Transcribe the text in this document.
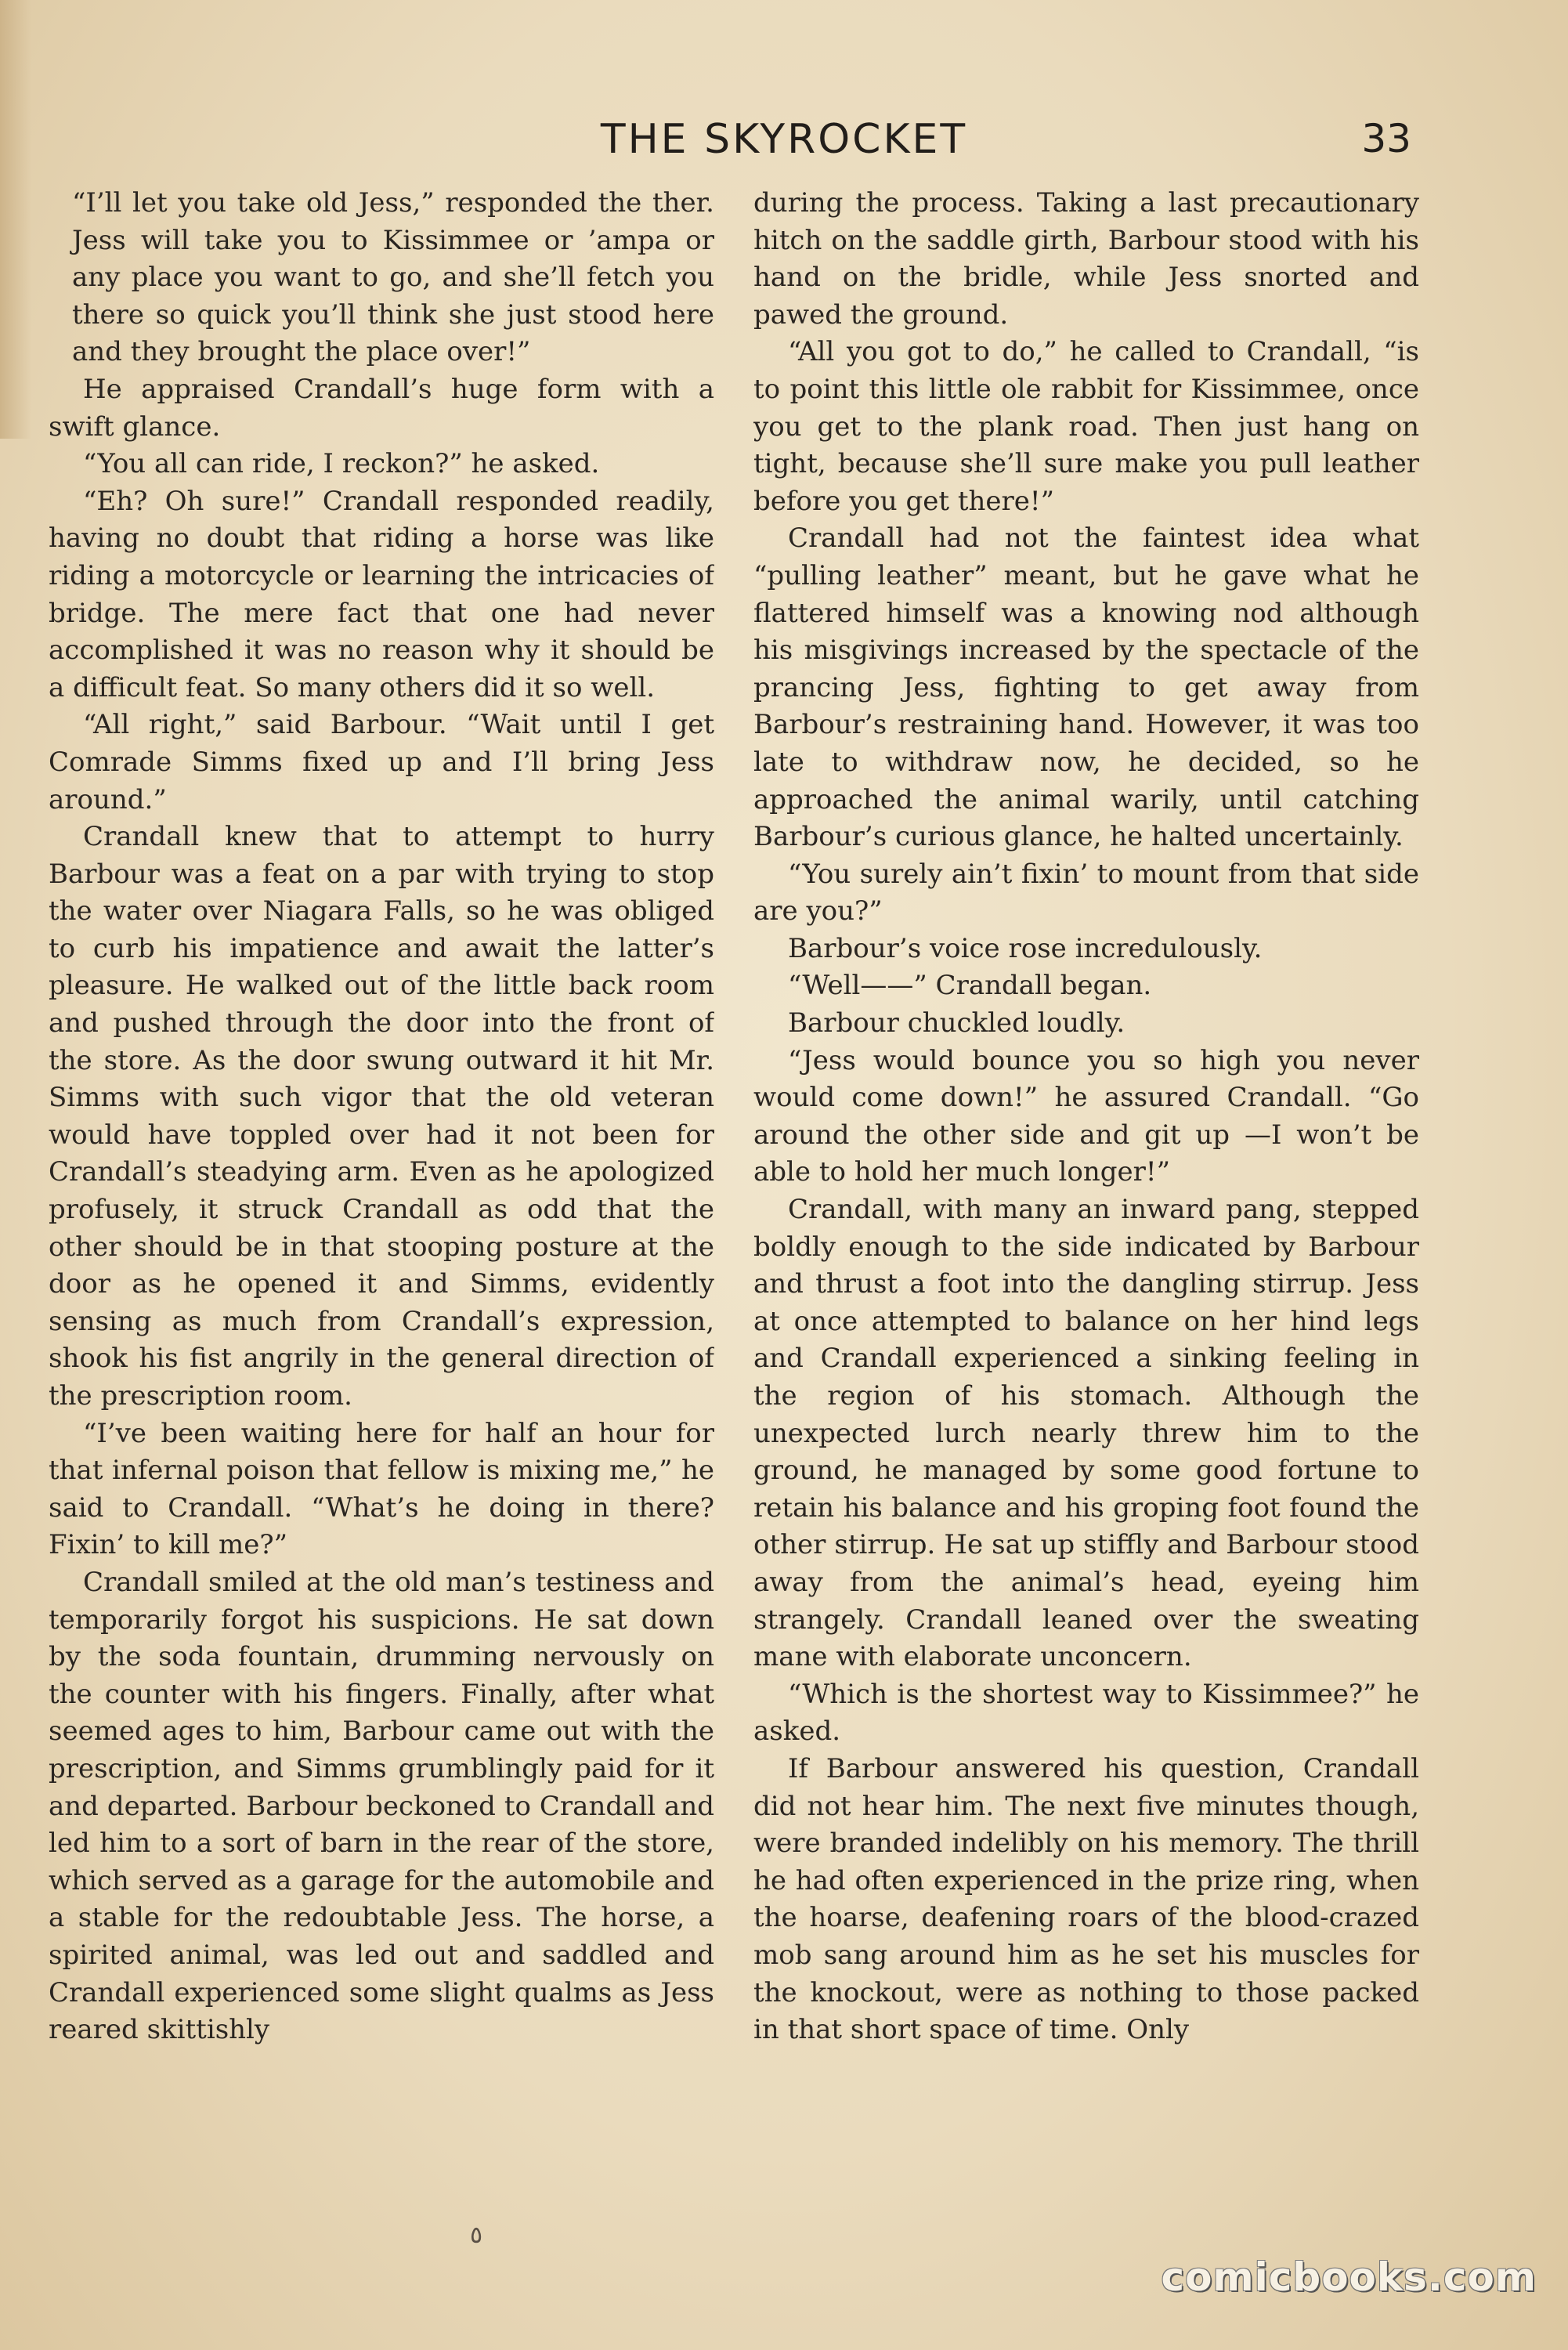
THE SKYROCKET	33

“I’ll let you take old Jess,” responded the ther. Jess will take you to Kissimmee or ’ampa or any place you want to go, and she’ll fetch you there so quick you’ll think she just stood here and they brought the place over!”

He appraised Crandall’s huge form with a swift glance.

“You all can ride, I reckon?” he asked.

“Eh? Oh sure!” Crandall responded readily, having no doubt that riding a horse was like riding a motorcycle or learning the intricacies of bridge. The mere fact that one had never accomplished it was no reason why it should be a difficult feat. So many others did it so well.

“All right,” said Barbour. “Wait until I get Comrade Simms fixed up and I’ll bring Jess around.”

Crandall knew that to attempt to hurry Barbour was a feat on a par with trying to stop the water over Niagara Falls, so he was obliged to curb his impatience and await the latter’s pleasure. He walked out of the little back room and pushed through the door into the front of the store. As the door swung outward it hit Mr. Simms with such vigor that the old veteran would have toppled over had it not been for Crandall’s steadying arm. Even as he apologized profusely, it struck Crandall as odd that the other should be in that stooping posture at the door as he opened it and Simms, evidently sensing as much from Crandall’s expression, shook his fist angrily in the general direction of the prescription room.

“I’ve been waiting here for half an hour for that infernal poison that fellow is mixing me,” he said to Crandall. “What’s he doing in there? Fixin’ to kill me?”

Crandall smiled at the old man’s testiness and temporarily forgot his suspicions. He sat down by the soda fountain, drumming nervously on the counter with his fingers. Finally, after what seemed ages to him, Barbour came out with the prescription, and Simms grumblingly paid for it and departed. Barbour beckoned to Crandall and led him to a sort of barn in the rear of the store, which served as a garage for the automobile and a stable for the redoubtable Jess. The horse, a spirited animal, was led out and saddled and Crandall experienced some slight qualms as Jess reared skittishly

during the process. Taking a last precautionary hitch on the saddle girth, Barbour stood with his hand on the bridle, while Jess snorted and pawed the ground.

“All you got to do,” he called to Crandall, “is to point this little ole rabbit for Kissimmee, once you get to the plank road. Then just hang on tight, because she’ll sure make you pull leather before you get there!”

Crandall had not the faintest idea what “pulling leather” meant, but he gave what he flattered himself was a knowing nod although his misgivings increased by the spectacle of the prancing Jess, fighting to get away from Barbour’s restraining hand. However, it was too late to withdraw now, he decided, so he approached the animal warily, until catching Barbour’s curious glance, he halted uncertainly.

“You surely ain’t fixin’ to mount from that side are you?”

Barbour’s voice rose incredulously.

“Well——” Crandall began.

Barbour chuckled loudly.

“Jess would bounce you so high you never would come down!” he assured Crandall. “Go around the other side and git up —I won’t be able to hold her much longer!”

Crandall, with many an inward pang, stepped boldly enough to the side indicated by Barbour and thrust a foot into the dangling stirrup. Jess at once attempted to balance on her hind legs and Crandall experienced a sinking feeling in the region of his stomach. Although the unexpected lurch nearly threw him to the ground, he managed by some good fortune to retain his balance and his groping foot found the other stirrup. He sat up stiffly and Barbour stood away from the animal’s head, eyeing him strangely. Crandall leaned over the sweating mane with elaborate unconcern.

“Which is the shortest way to Kissimmee?” he asked.

If Barbour answered his question, Crandall did not hear him. The next five minutes though, were branded indelibly on his memory. The thrill he had often experienced in the prize ring, when the hoarse, deafening roars of the blood-crazed mob sang around him as he set his muscles for the knockout, were as nothing to those packed in that short space of time. Only

٥
comicbooks.com
